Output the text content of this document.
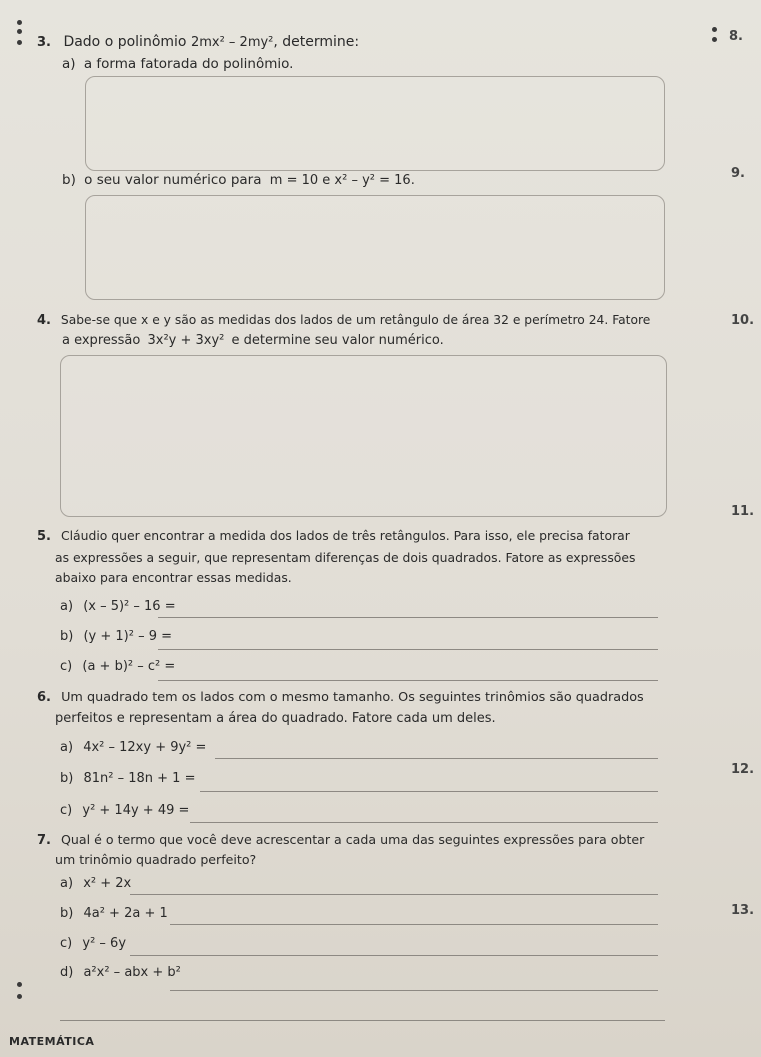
3. Dado o polinômio 2mx² – 2my², determine:
a) a forma fatorada do polinômio.
b) o seu valor numérico para m = 10 e x² – y² = 16.
4. Sabe-se que x e y são as medidas dos lados de um retângulo de área 32 e perímetro 24. Fatore
a expressão 3x²y + 3xy² e determine seu valor numérico.
5. Cláudio quer encontrar a medida dos lados de três retângulos. Para isso, ele precisa fatorar
as expressões a seguir, que representam diferenças de dois quadrados. Fatore as expressões
abaixo para encontrar essas medidas.
a) (x – 5)² – 16 =
b) (y + 1)² – 9 =
c) (a + b)² – c² =
6. Um quadrado tem os lados com o mesmo tamanho. Os seguintes trinômios são quadrados
perfeitos e representam a área do quadrado. Fatore cada um deles.
a) 4x² – 12xy + 9y² =
b) 81n² – 18n + 1 =
c) y² + 14y + 49 =
7. Qual é o termo que você deve acrescentar a cada uma das seguintes expressões para obter
um trinômio quadrado perfeito?
a) x² + 2x
b) 4a² + 2a + 1
c) y² – 6y
d) a²x² – abx + b²
8.
9.
10.
11.
12.
13.
MATEMÁTICA
